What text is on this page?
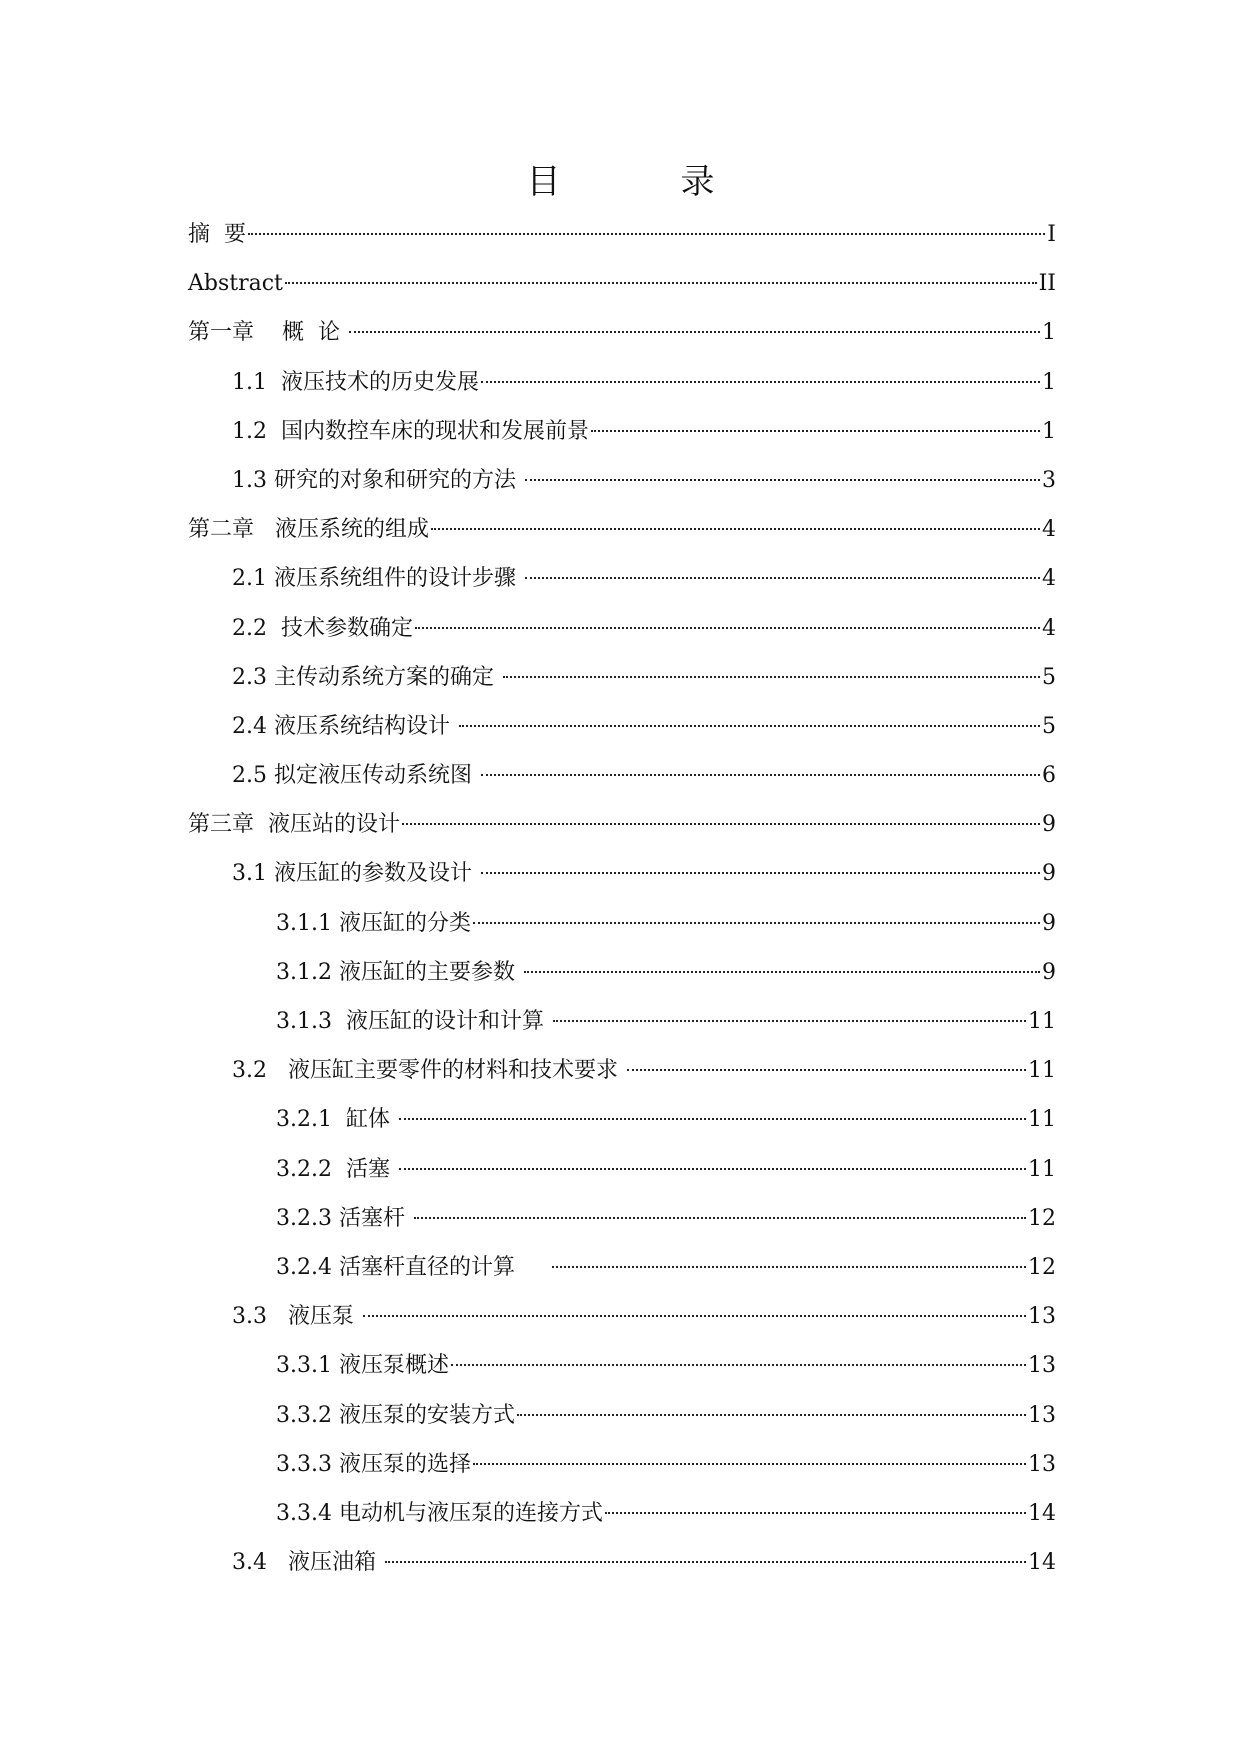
目录
摘  要	I
Abstract	II
第一章    概  论	1
1.1  液压技术的历史发展	1
1.2  国内数控车床的现状和发展前景	1
1.3 研究的对象和研究的方法	3
第二章   液压系统的组成	4
2.1 液压系统组件的设计步骤	4
2.2  技术参数确定	4
2.3 主传动系统方案的确定	5
2.4 液压系统结构设计	5
2.5 拟定液压传动系统图	6
第三章  液压站的设计	9
3.1 液压缸的参数及设计	9
3.1.1 液压缸的分类	9
3.1.2 液压缸的主要参数	9
3.1.3  液压缸的设计和计算	11
3.2   液压缸主要零件的材料和技术要求	11
3.2.1  缸体	11
3.2.2  活塞	11
3.2.3 活塞杆	12
3.2.4 活塞杆直径的计算	12
3.3   液压泵	13
3.3.1 液压泵概述	13
3.3.2 液压泵的安装方式	13
3.3.3 液压泵的选择	13
3.3.4 电动机与液压泵的连接方式	14
3.4   液压油箱	14
